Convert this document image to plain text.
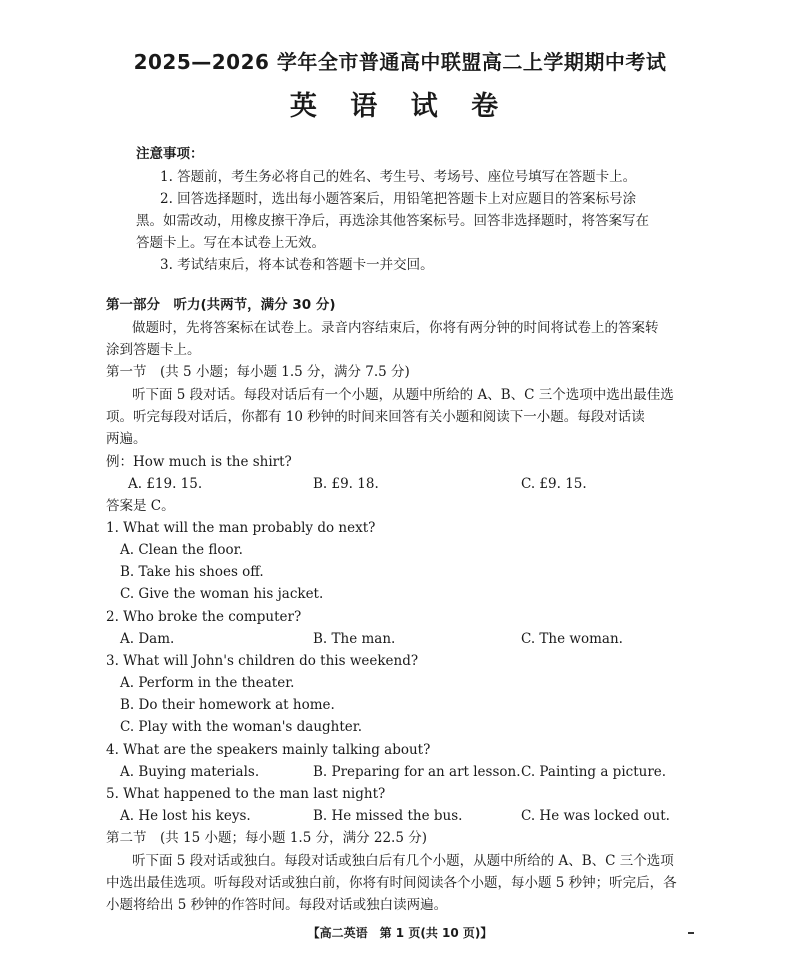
2025—2026 学年全市普通高中联盟高二上学期期中考试
英 语 试 卷
注意事项：
1. 答题前，考生务必将自己的姓名、考生号、考场号、座位号填写在答题卡上。
2. 回答选择题时，选出每小题答案后，用铅笔把答题卡上对应题目的答案标号涂
黑。如需改动，用橡皮擦干净后，再选涂其他答案标号。回答非选择题时，将答案写在
答题卡上。写在本试卷上无效。
3. 考试结束后，将本试卷和答题卡一并交回。
第一部分　听力(共两节，满分 30 分)
做题时，先将答案标在试卷上。录音内容结束后，你将有两分钟的时间将试卷上的答案转
涂到答题卡上。
第一节　(共 5 小题；每小题 1.5 分，满分 7.5 分)
听下面 5 段对话。每段对话后有一个小题，从题中所给的 A、B、C 三个选项中选出最佳选
项。听完每段对话后，你都有 10 秒钟的时间来回答有关小题和阅读下一小题。每段对话读
两遍。
例：How much is the shirt?
A. £19. 15.	B. £9. 18.	C. £9. 15.
答案是 C。
1. What will the man probably do next?
A. Clean the floor.
B. Take his shoes off.
C. Give the woman his jacket.
2. Who broke the computer?
A. Dam.	B. The man.	C. The woman.
3. What will John's children do this weekend?
A. Perform in the theater.
B. Do their homework at home.
C. Play with the woman's daughter.
4. What are the speakers mainly talking about?
A. Buying materials.	B. Preparing for an art lesson. C. Painting a picture.
5. What happened to the man last night?
A. He lost his keys.	B. He missed the bus.	C. He was locked out.
第二节　(共 15 小题；每小题 1.5 分，满分 22.5 分)
听下面 5 段对话或独白。每段对话或独白后有几个小题，从题中所给的 A、B、C 三个选项
中选出最佳选项。听每段对话或独白前，你将有时间阅读各个小题，每小题 5 秒钟；听完后，各
小题将给出 5 秒钟的作答时间。每段对话或独白读两遍。
【高二英语　第 1 页(共 10 页)】
